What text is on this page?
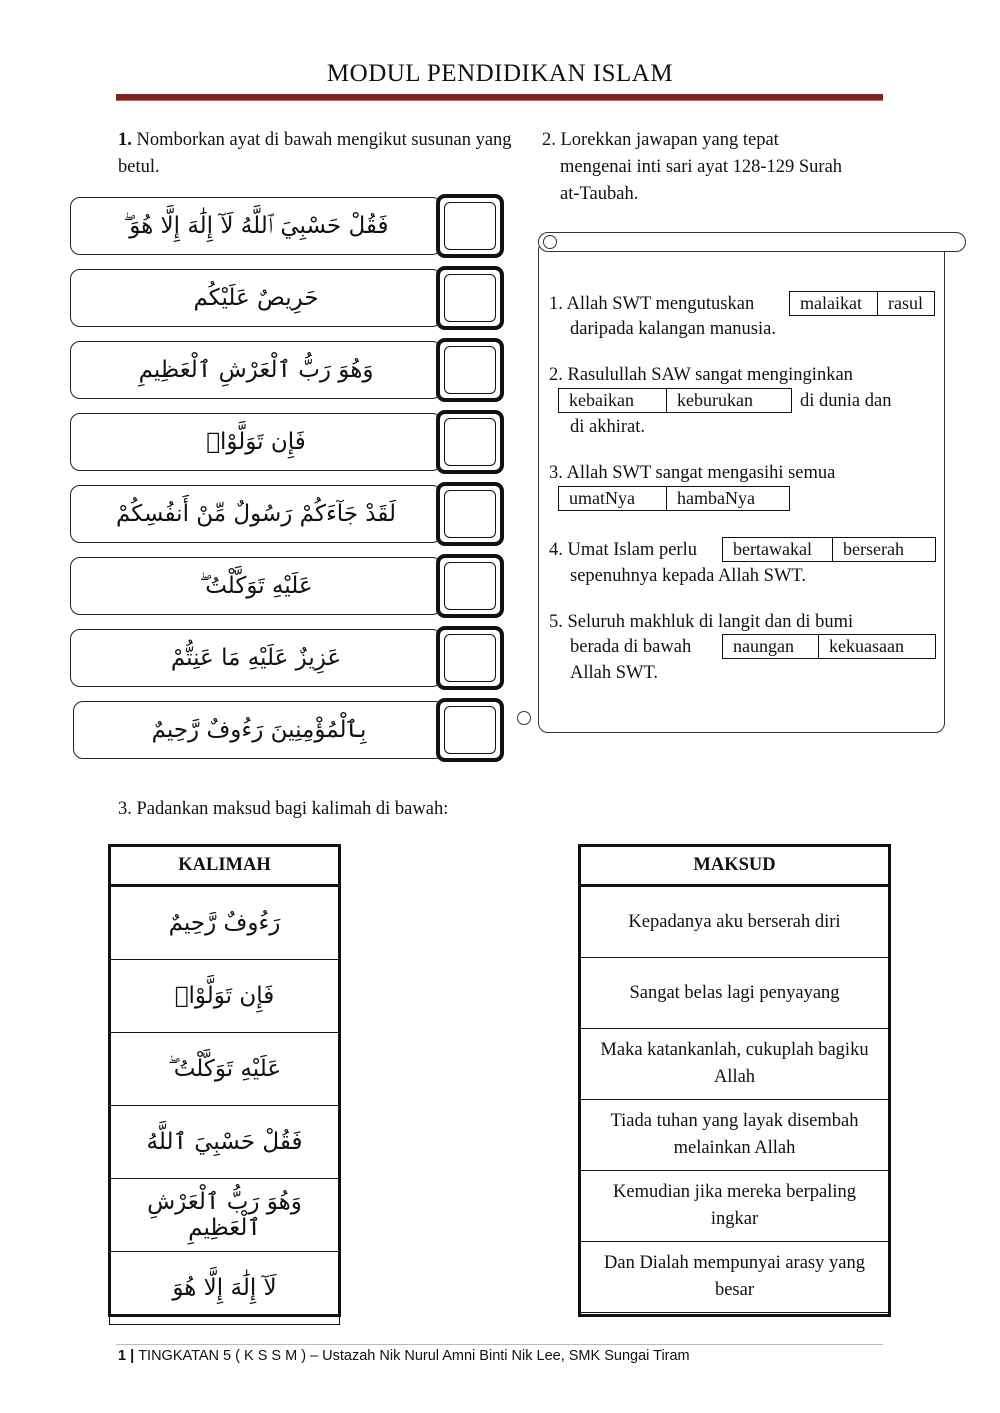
MODUL PENDIDIKAN ISLAM
1. Nomborkan ayat di bawah mengikut susunan yang betul.
فَقُلْ حَسْبِيَ ٱللَّهُ لَآ إِلَٰهَ إِلَّا هُوَ ۖ
حَرِيصٌ عَلَيْكُم
وَهُوَ رَبُّ ٱلْعَرْشِ ٱلْعَظِيمِ
فَإِن تَوَلَّوْا۟
لَقَدْ جَآءَكُمْ رَسُولٌ مِّنْ أَنفُسِكُمْ
عَلَيْهِ تَوَكَّلْتُ ۖ
عَزِيزٌ عَلَيْهِ مَا عَنِتُّمْ
بِٱلْمُؤْمِنِينَ رَءُوفٌ رَّحِيمٌ
2. Lorekkan jawapan yang tepat
mengenai inti sari ayat 128-129 Surah
at-Taubah.
1. Allah SWT mengutuskan	malaikat	rasul
daripada kalangan manusia.
2. Rasulullah SAW sangat menginginkan
kebaikan	keburukan	di dunia dan
di akhirat.
3. Allah SWT sangat mengasihi semua
umatNya	hambaNya
4. Umat Islam perlu	bertawakal	berserah
sepenuhnya kepada Allah SWT.
5. Seluruh makhluk di langit dan di bumi
berada di bawah	naungan	kekuasaan
Allah SWT.
3. Padankan maksud bagi kalimah di bawah:
KALIMAH
رَءُوفٌ رَّحِيمٌ
فَإِن تَوَلَّوْا۟
عَلَيْهِ تَوَكَّلْتُ ۖ
فَقُلْ حَسْبِيَ ٱللَّهُ
وَهُوَ رَبُّ ٱلْعَرْشِ ٱلْعَظِيمِ
لَآ إِلَٰهَ إِلَّا هُوَ
MAKSUD
Kepadanya aku berserah diri
Sangat belas lagi penyayang
Maka katankanlah, cukuplah bagiku Allah
Tiada tuhan yang layak disembah melainkan Allah
Kemudian jika mereka berpaling ingkar
Dan Dialah mempunyai arasy yang besar
1 | TINGKATAN 5 ( K S S M ) – Ustazah Nik Nurul Amni Binti Nik Lee, SMK Sungai Tiram
